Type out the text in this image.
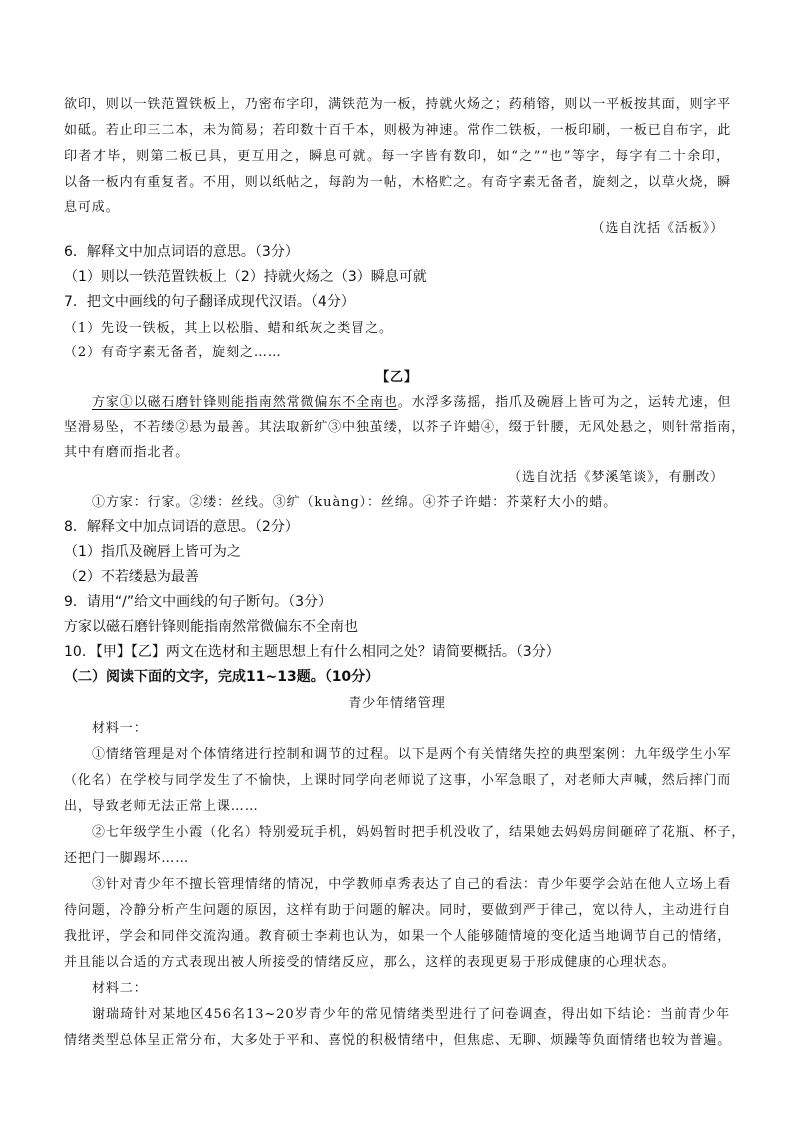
欲印，则以一铁范置铁板上，乃密布字印，满铁范为一板，持就火炀之；药稍镕，则以一平板按其面，则字平
如砥。若止印三二本，未为简易；若印数十百千本，则极为神速。常作二铁板，一板印刷，一板已自布字，此
印者才毕，则第二板已具，更互用之，瞬息可就。每一字皆有数印，如“之”“也”等字，每字有二十余印，
以备一板内有重复者。不用，则以纸帖之，每韵为一帖，木格贮之。有奇字素无备者，旋刻之，以草火烧，瞬
息可成。
（选自沈括《活板》）
6．解释文中加点词语的意思。（3分）
（1）则以一铁范置铁板上（2）持就火炀之（3）瞬息可就
7．把文中画线的句子翻译成现代汉语。（4分）
（1）先设一铁板，其上以松脂、蜡和纸灰之类冒之。
（2）有奇字素无备者，旋刻之……
【乙】
方家①以磁石磨针锋则能指南然常微偏东不全南也。水浮多荡摇，指爪及碗唇上皆可为之，运转尤速，但
坚滑易坠，不若缕②悬为最善。其法取新纩③中独茧缕，以芥子许蜡④，缀于针腰，无风处悬之，则针常指南，
其中有磨而指北者。
（选自沈括《梦溪笔谈》，有删改）
①方家：行家。②缕：丝线。③纩（kuàng）：丝绵。④芥子许蜡：芥菜籽大小的蜡。
8．解释文中加点词语的意思。（2分）
（1）指爪及碗唇上皆可为之
（2）不若缕悬为最善
9．请用“/”给文中画线的句子断句。（3分）
方家以磁石磨针锋则能指南然常微偏东不全南也
10．【甲】【乙】两文在选材和主题思想上有什么相同之处？请简要概括。（3分）
（二）阅读下面的文字，完成11~13题。（10分）
青少年情绪管理
材料一：
①情绪管理是对个体情绪进行控制和调节的过程。以下是两个有关情绪失控的典型案例：九年级学生小军
（化名）在学校与同学发生了不愉快，上课时同学向老师说了这事，小军急眼了，对老师大声喊，然后摔门而
出，导致老师无法正常上课……
②七年级学生小霞（化名）特别爱玩手机，妈妈暂时把手机没收了，结果她去妈妈房间砸碎了花瓶、杯子，
还把门一脚踢坏……
③针对青少年不擅长管理情绪的情况，中学教师卓秀表达了自己的看法：青少年要学会站在他人立场上看
待问题，冷静分析产生问题的原因，这样有助于问题的解决。同时，要做到严于律己，宽以待人，主动进行自
我批评，学会和同伴交流沟通。教育硕士李莉也认为，如果一个人能够随情境的变化适当地调节自己的情绪，
并且能以合适的方式表现出被人所接受的情绪反应，那么，这样的表现更易于形成健康的心理状态。
材料二：
谢瑞琦针对某地区456名13~20岁青少年的常见情绪类型进行了问卷调查，得出如下结论：当前青少年
情绪类型总体呈正常分布，大多处于平和、喜悦的积极情绪中，但焦虑、无聊、烦躁等负面情绪也较为普遍。
